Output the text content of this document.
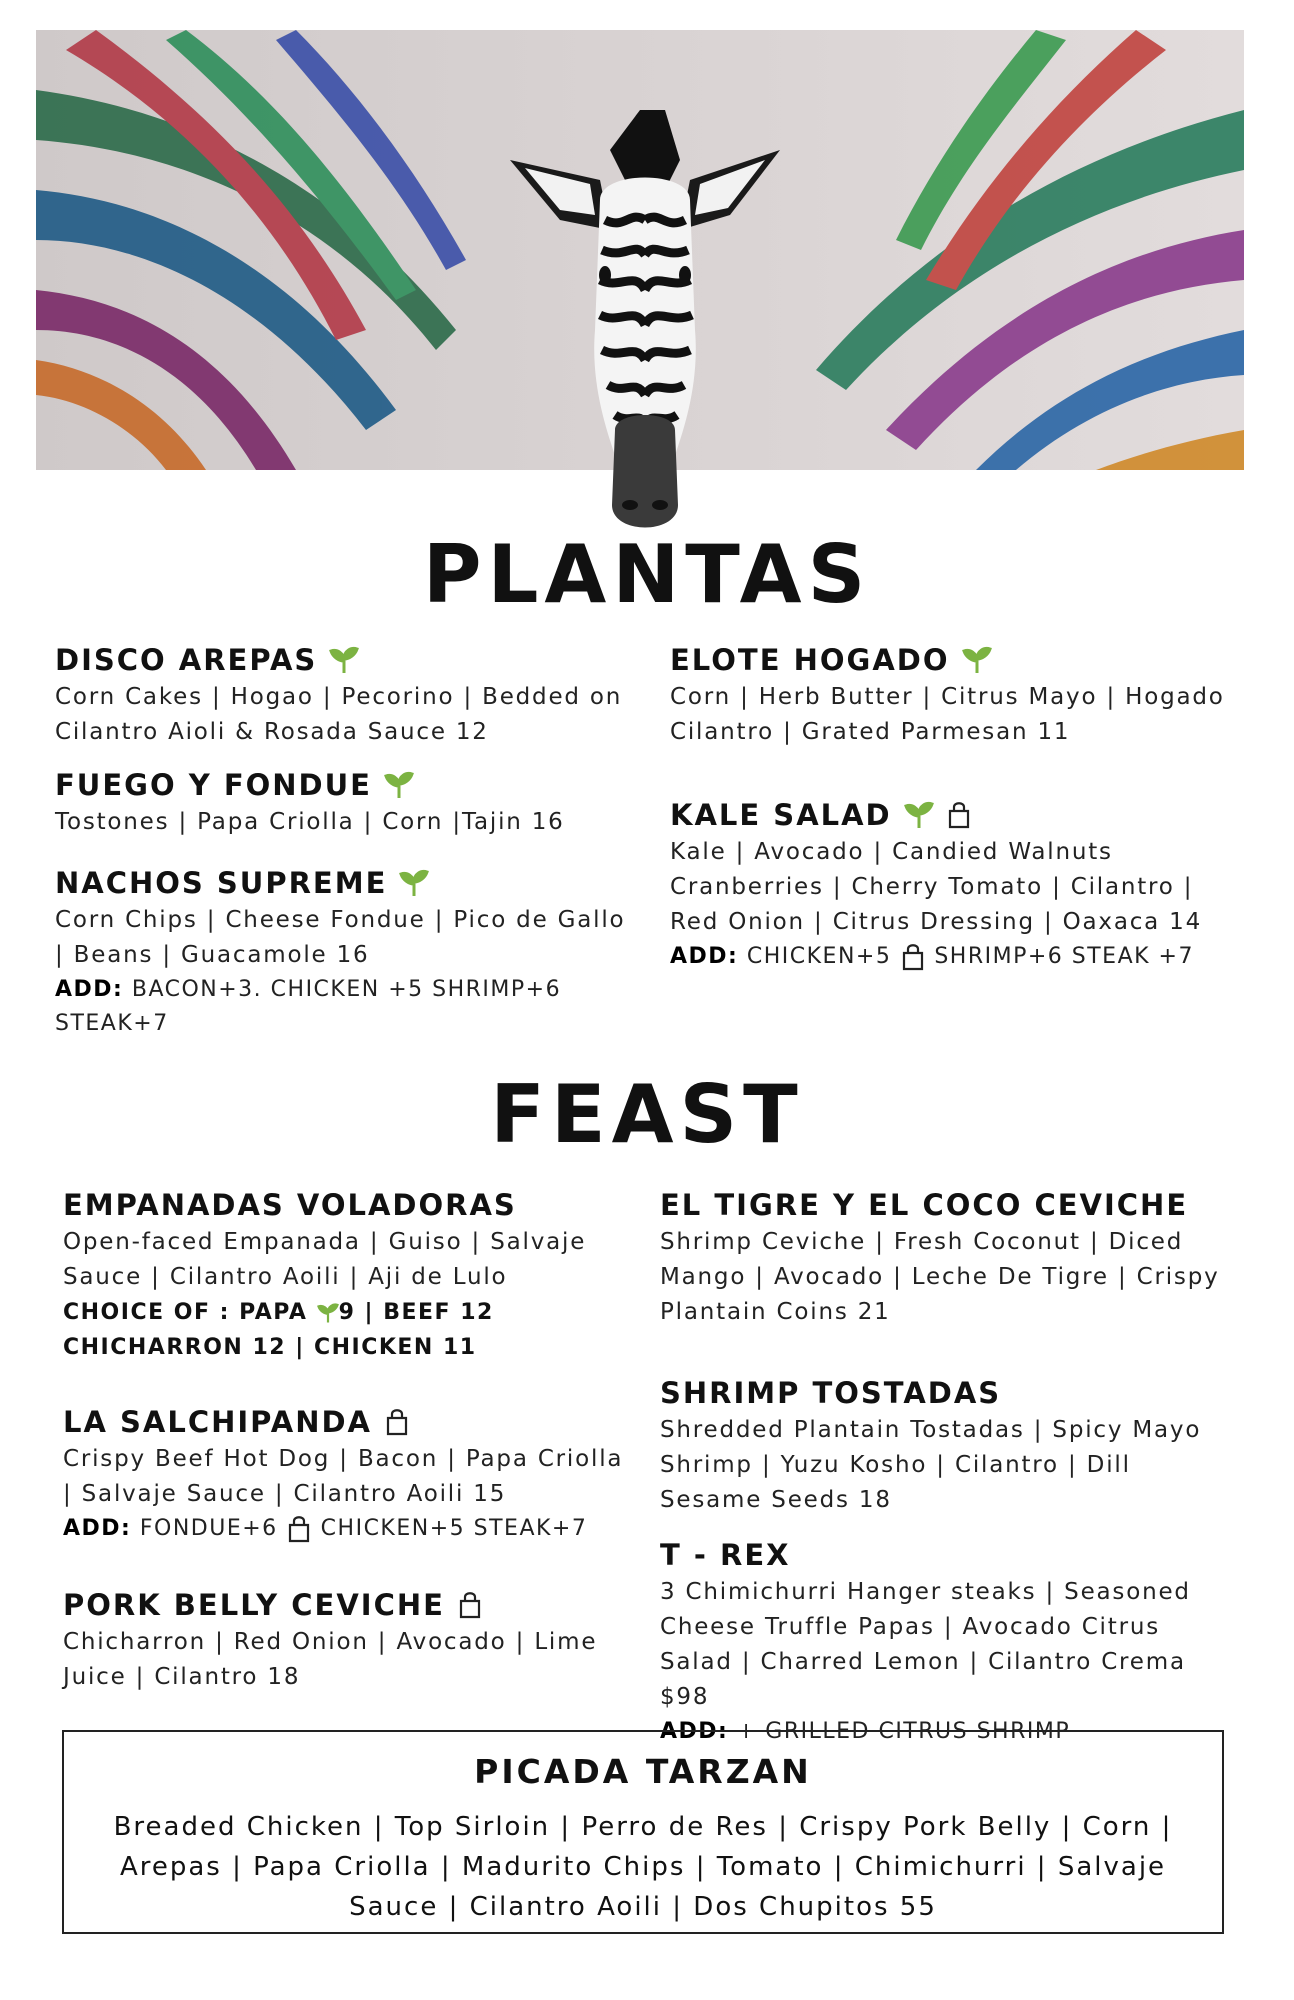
PLANTAS
DISCO AREPAS
Corn Cakes | Hogao | Pecorino | Bedded on Cilantro Aioli & Rosada Sauce 12
FUEGO Y FONDUE
Tostones | Papa Criolla | Corn |Tajin 16
NACHOS SUPREME
Corn Chips | Cheese Fondue | Pico de Gallo | Beans | Guacamole 16
ADD: BACON+3. CHICKEN +5 SHRIMP+6 STEAK+7
ELOTE HOGADO
Corn | Herb Butter | Citrus Mayo | Hogado Cilantro | Grated Parmesan 11
KALE SALAD
Kale | Avocado | Candied Walnuts Cranberries | Cherry Tomato | Cilantro | Red Onion | Citrus Dressing | Oaxaca 14
ADD: CHICKEN+5 SHRIMP+6 STEAK +7
FEAST
EMPANADAS VOLADORAS
Open-faced Empanada | Guiso | Salvaje Sauce | Cilantro Aoili | Aji de Lulo
CHOICE OF : PAPA 9 | BEEF 12
CHICHARRON 12 | CHICKEN 11
LA SALCHIPANDA
Crispy Beef Hot Dog | Bacon | Papa Criolla | Salvaje Sauce | Cilantro Aoili 15
ADD: FONDUE+6 CHICKEN+5 STEAK+7
PORK BELLY CEVICHE
Chicharron | Red Onion | Avocado | Lime Juice | Cilantro 18
EL TIGRE Y EL COCO CEVICHE
Shrimp Ceviche | Fresh Coconut | Diced Mango | Avocado | Leche De Tigre | Crispy Plantain Coins 21
SHRIMP TOSTADAS
Shredded Plantain Tostadas | Spicy Mayo Shrimp | Yuzu Kosho | Cilantro | Dill Sesame Seeds 18
T - REX
3 Chimichurri Hanger steaks | Seasoned Cheese Truffle Papas | Avocado Citrus Salad | Charred Lemon | Cilantro Crema $98
ADD: + GRILLED CITRUS SHRIMP
PICADA TARZAN
Breaded Chicken | Top Sirloin | Perro de Res | Crispy Pork Belly | Corn | Arepas | Papa Criolla | Madurito Chips | Tomato | Chimichurri | Salvaje Sauce | Cilantro Aoili | Dos Chupitos 55
